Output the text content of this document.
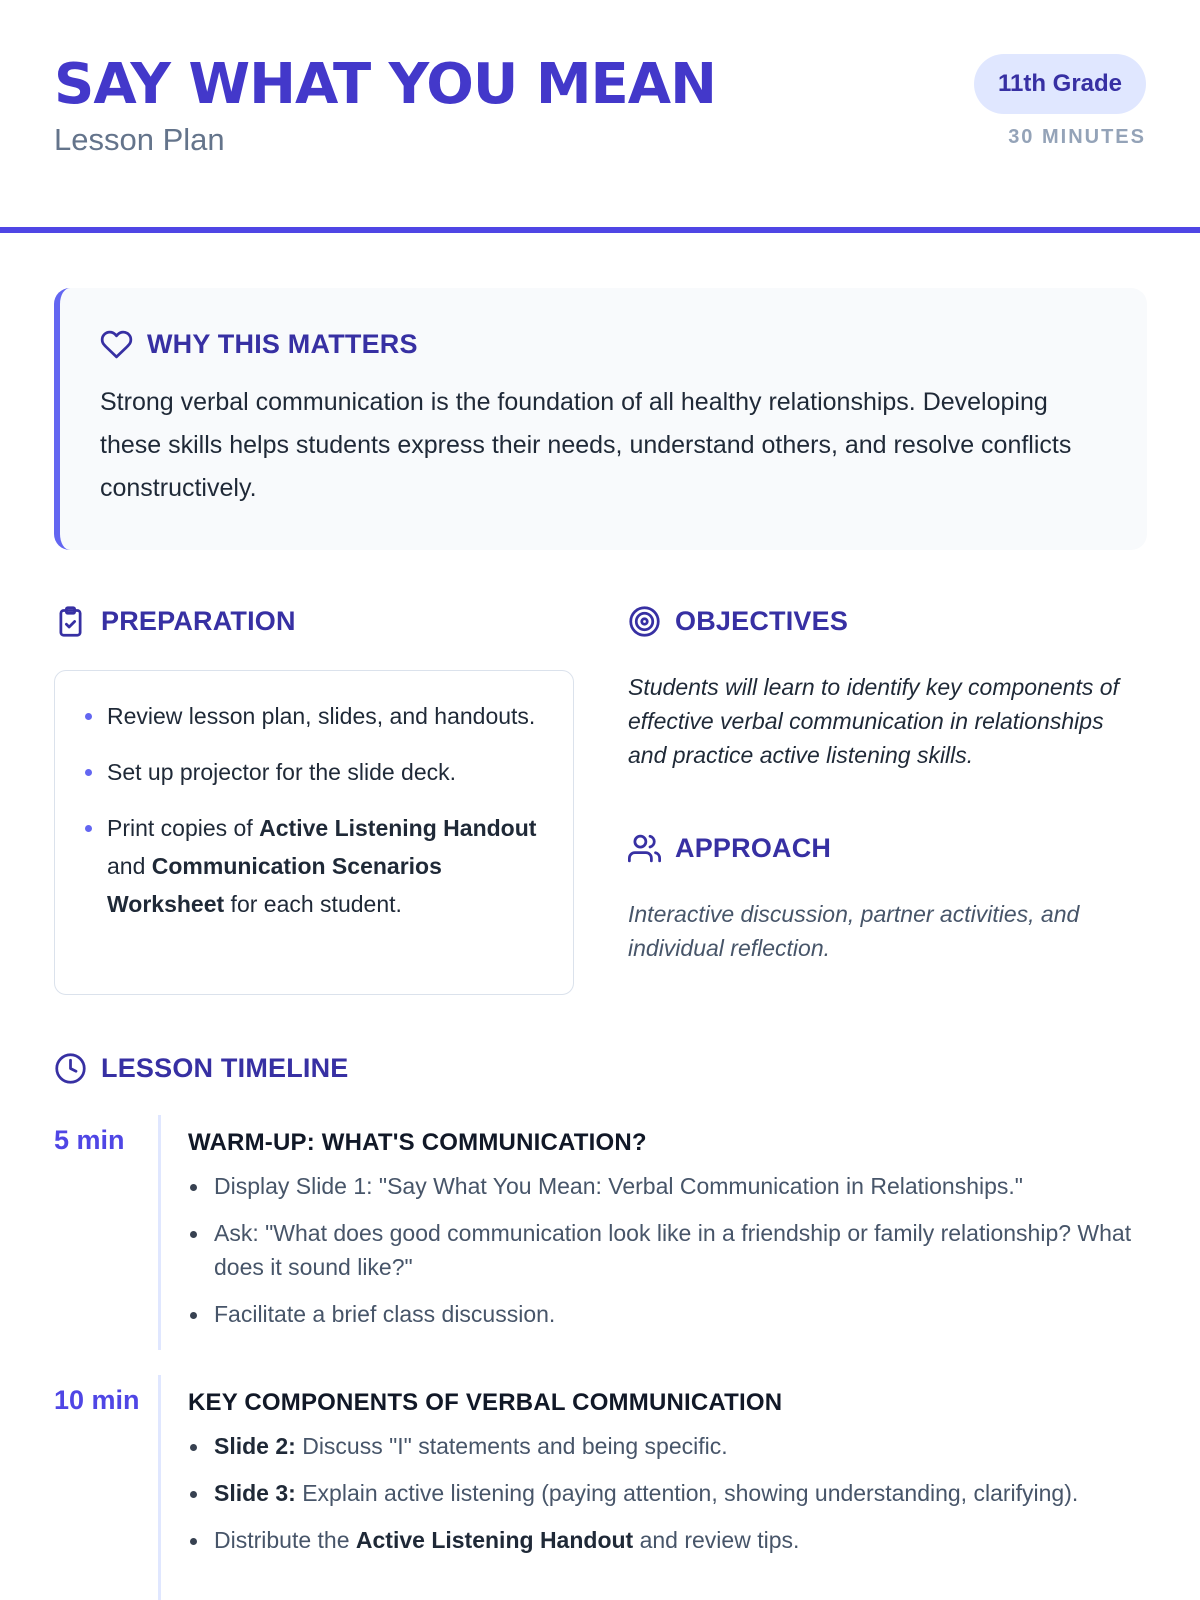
SAY WHAT YOU MEAN
Lesson Plan
11th Grade
30 MINUTES
WHY THIS MATTERS

Strong verbal communication is the foundation of all healthy relationships. Developing these skills helps students express their needs, understand others, and resolve conflicts constructively.

PREPARATION
Review lesson plan, slides, and handouts.
Set up projector for the slide deck.
Print copies of Active Listening Handout and Communication Scenarios Worksheet for each student.
OBJECTIVES

Students will learn to identify key components of effective verbal communication in relationships and practice active listening skills.

APPROACH

Interactive discussion, partner activities, and individual reflection.

LESSON TIMELINE
5 min	WARM-UP: WHAT'S COMMUNICATION?
Display Slide 1: "Say What You Mean: Verbal Communication in Relationships."
Ask: "What does good communication look like in a friendship or family relationship? What does it sound like?"
Facilitate a brief class discussion.
10 min	KEY COMPONENTS OF VERBAL COMMUNICATION
Slide 2: Discuss "I" statements and being specific.
Slide 3: Explain active listening (paying attention, showing understanding, clarifying).
Distribute the Active Listening Handout and review tips.
